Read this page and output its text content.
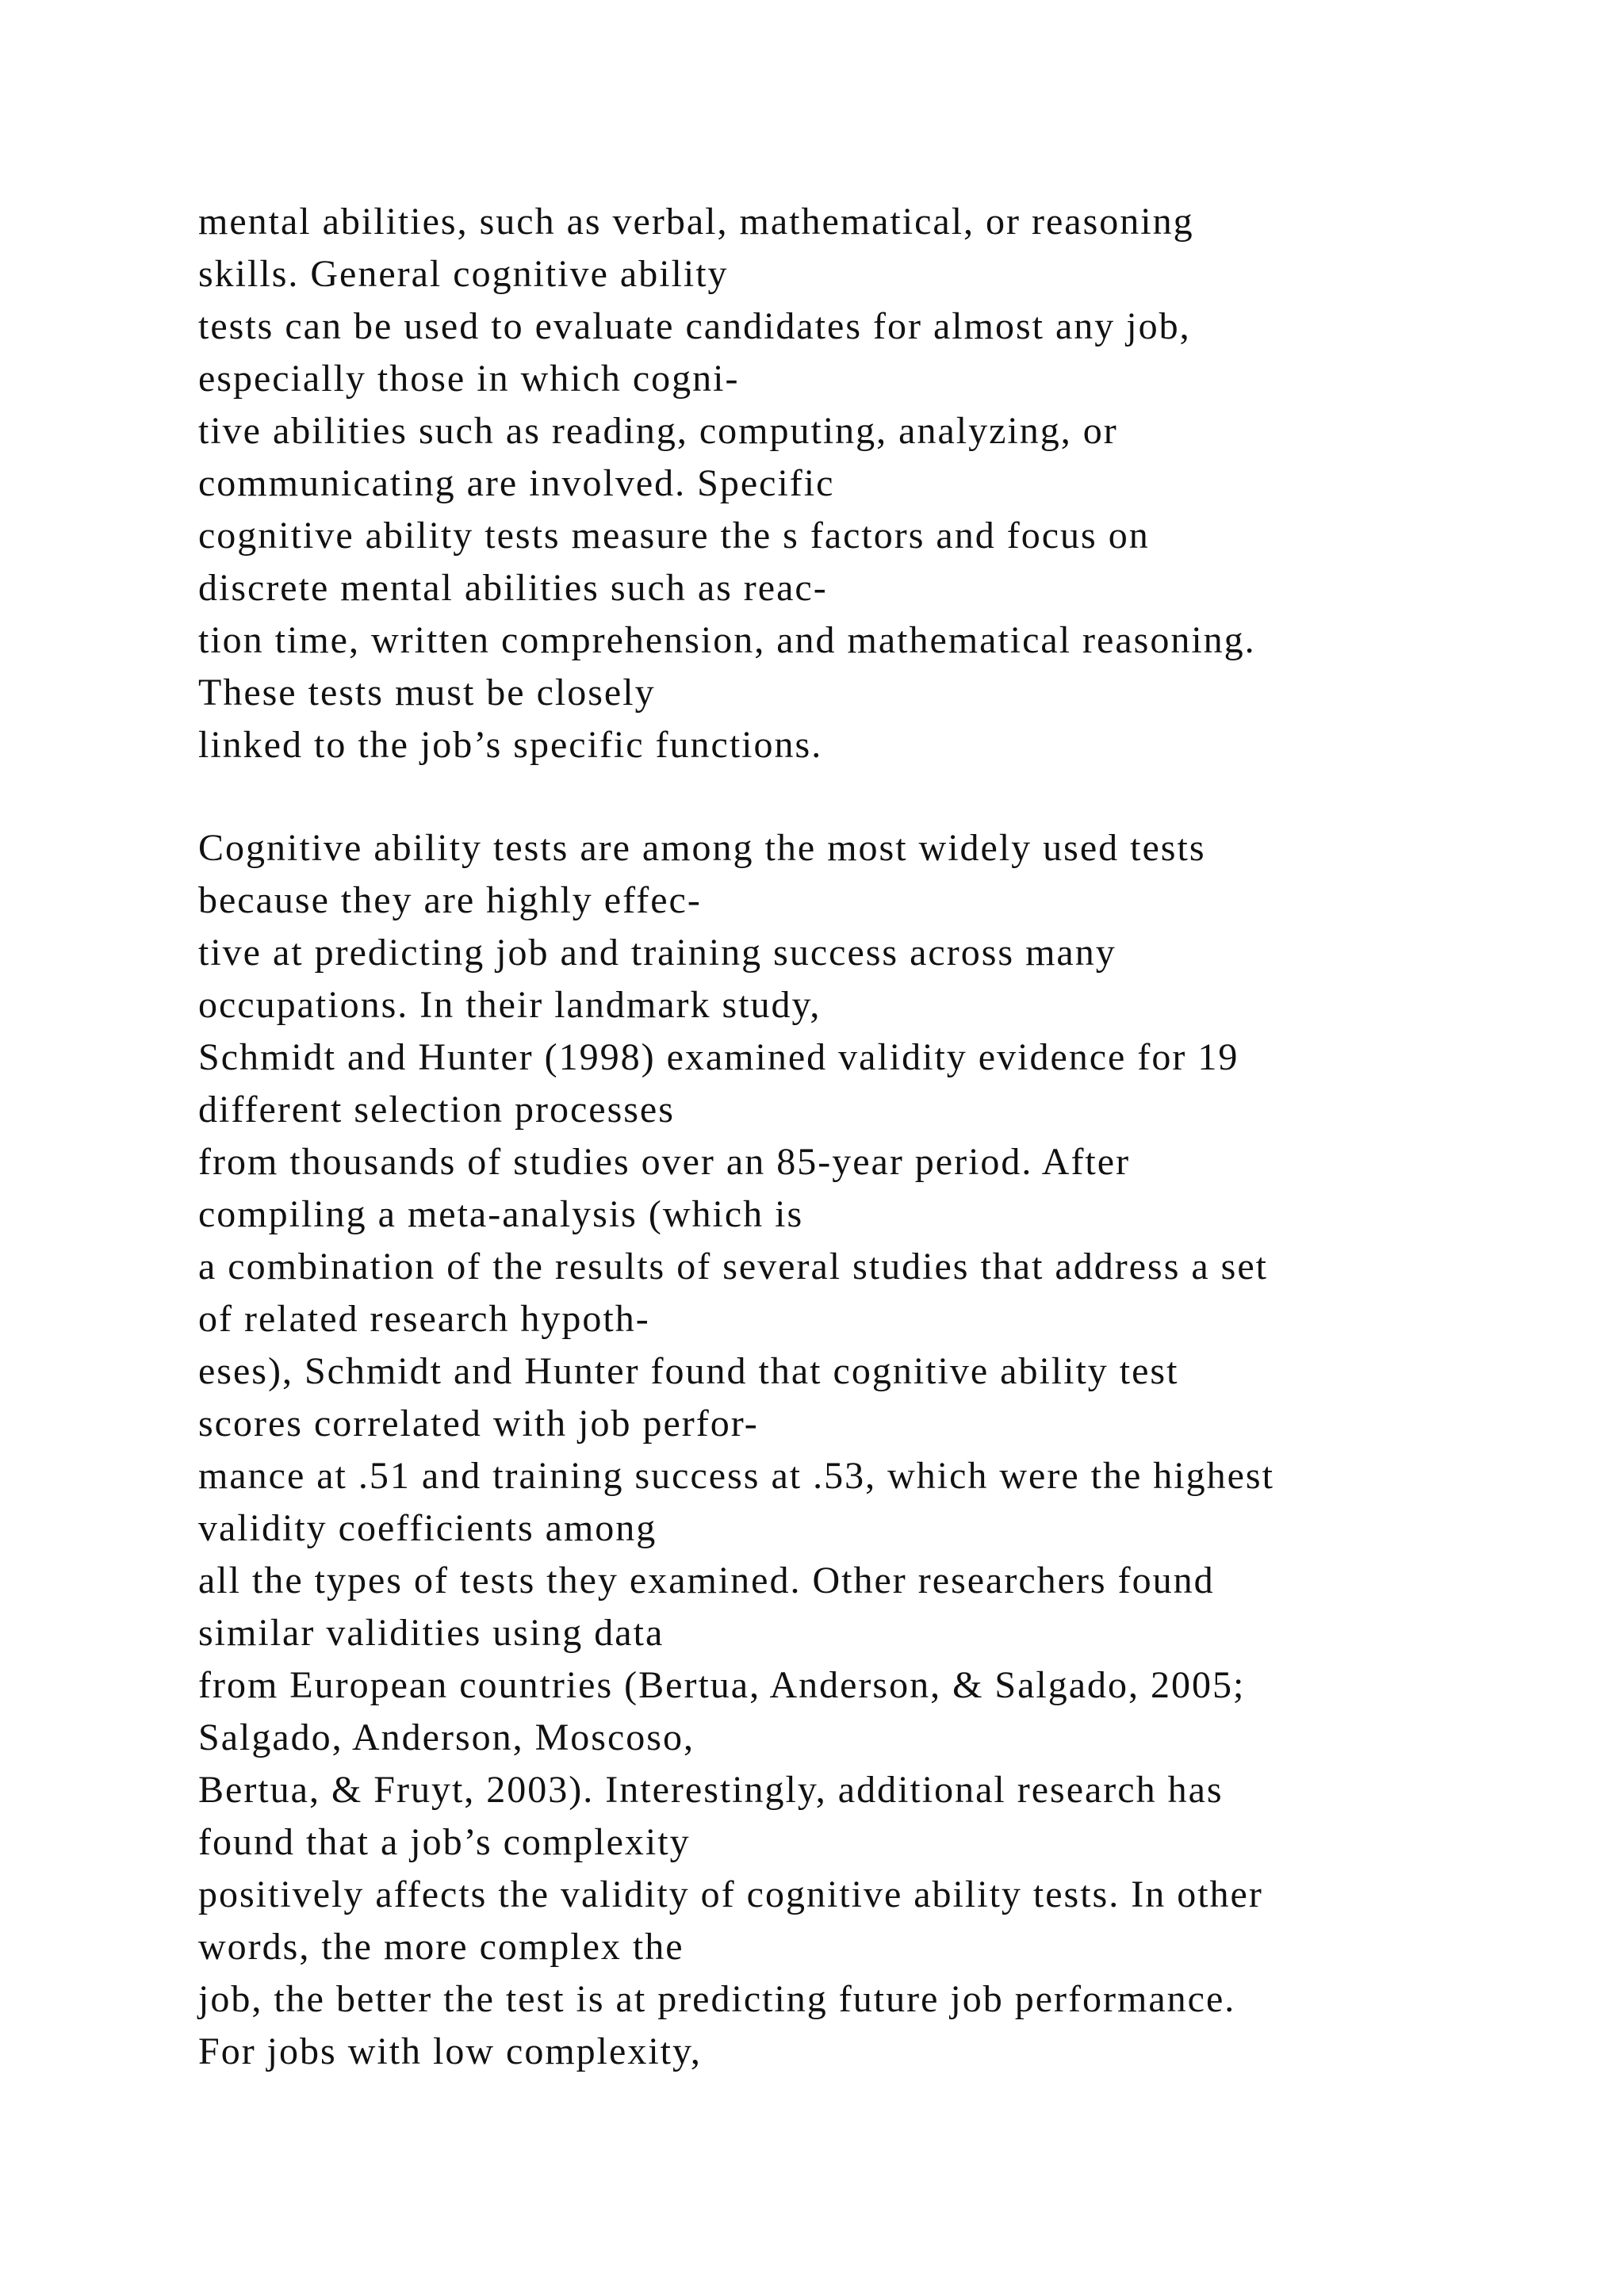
mental abilities, such as verbal, mathematical, or reasoning
skills. General cognitive ability
tests can be used to evaluate candidates for almost any job,
especially those in which cogni-
tive abilities such as reading, computing, analyzing, or
communicating are involved. Specific
cognitive ability tests measure the s factors and focus on
discrete mental abilities such as reac-
tion time, written comprehension, and mathematical reasoning.
These tests must be closely
linked to the job’s specific functions.

Cognitive ability tests are among the most widely used tests
because they are highly effec-
tive at predicting job and training success across many
occupations. In their landmark study,
Schmidt and Hunter (1998) examined validity evidence for 19
different selection processes
from thousands of studies over an 85-year period. After
compiling a meta-analysis (which is
a combination of the results of several studies that address a set
of related research hypoth-
eses), Schmidt and Hunter found that cognitive ability test
scores correlated with job perfor-
mance at .51 and training success at .53, which were the highest
validity coefficients among
all the types of tests they examined. Other researchers found
similar validities using data
from European countries (Bertua, Anderson, & Salgado, 2005;
Salgado, Anderson, Moscoso,
Bertua, & Fruyt, 2003). Interestingly, additional research has
found that a job’s complexity
positively affects the validity of cognitive ability tests. In other
words, the more complex the
job, the better the test is at predicting future job performance.
For jobs with low complexity,
